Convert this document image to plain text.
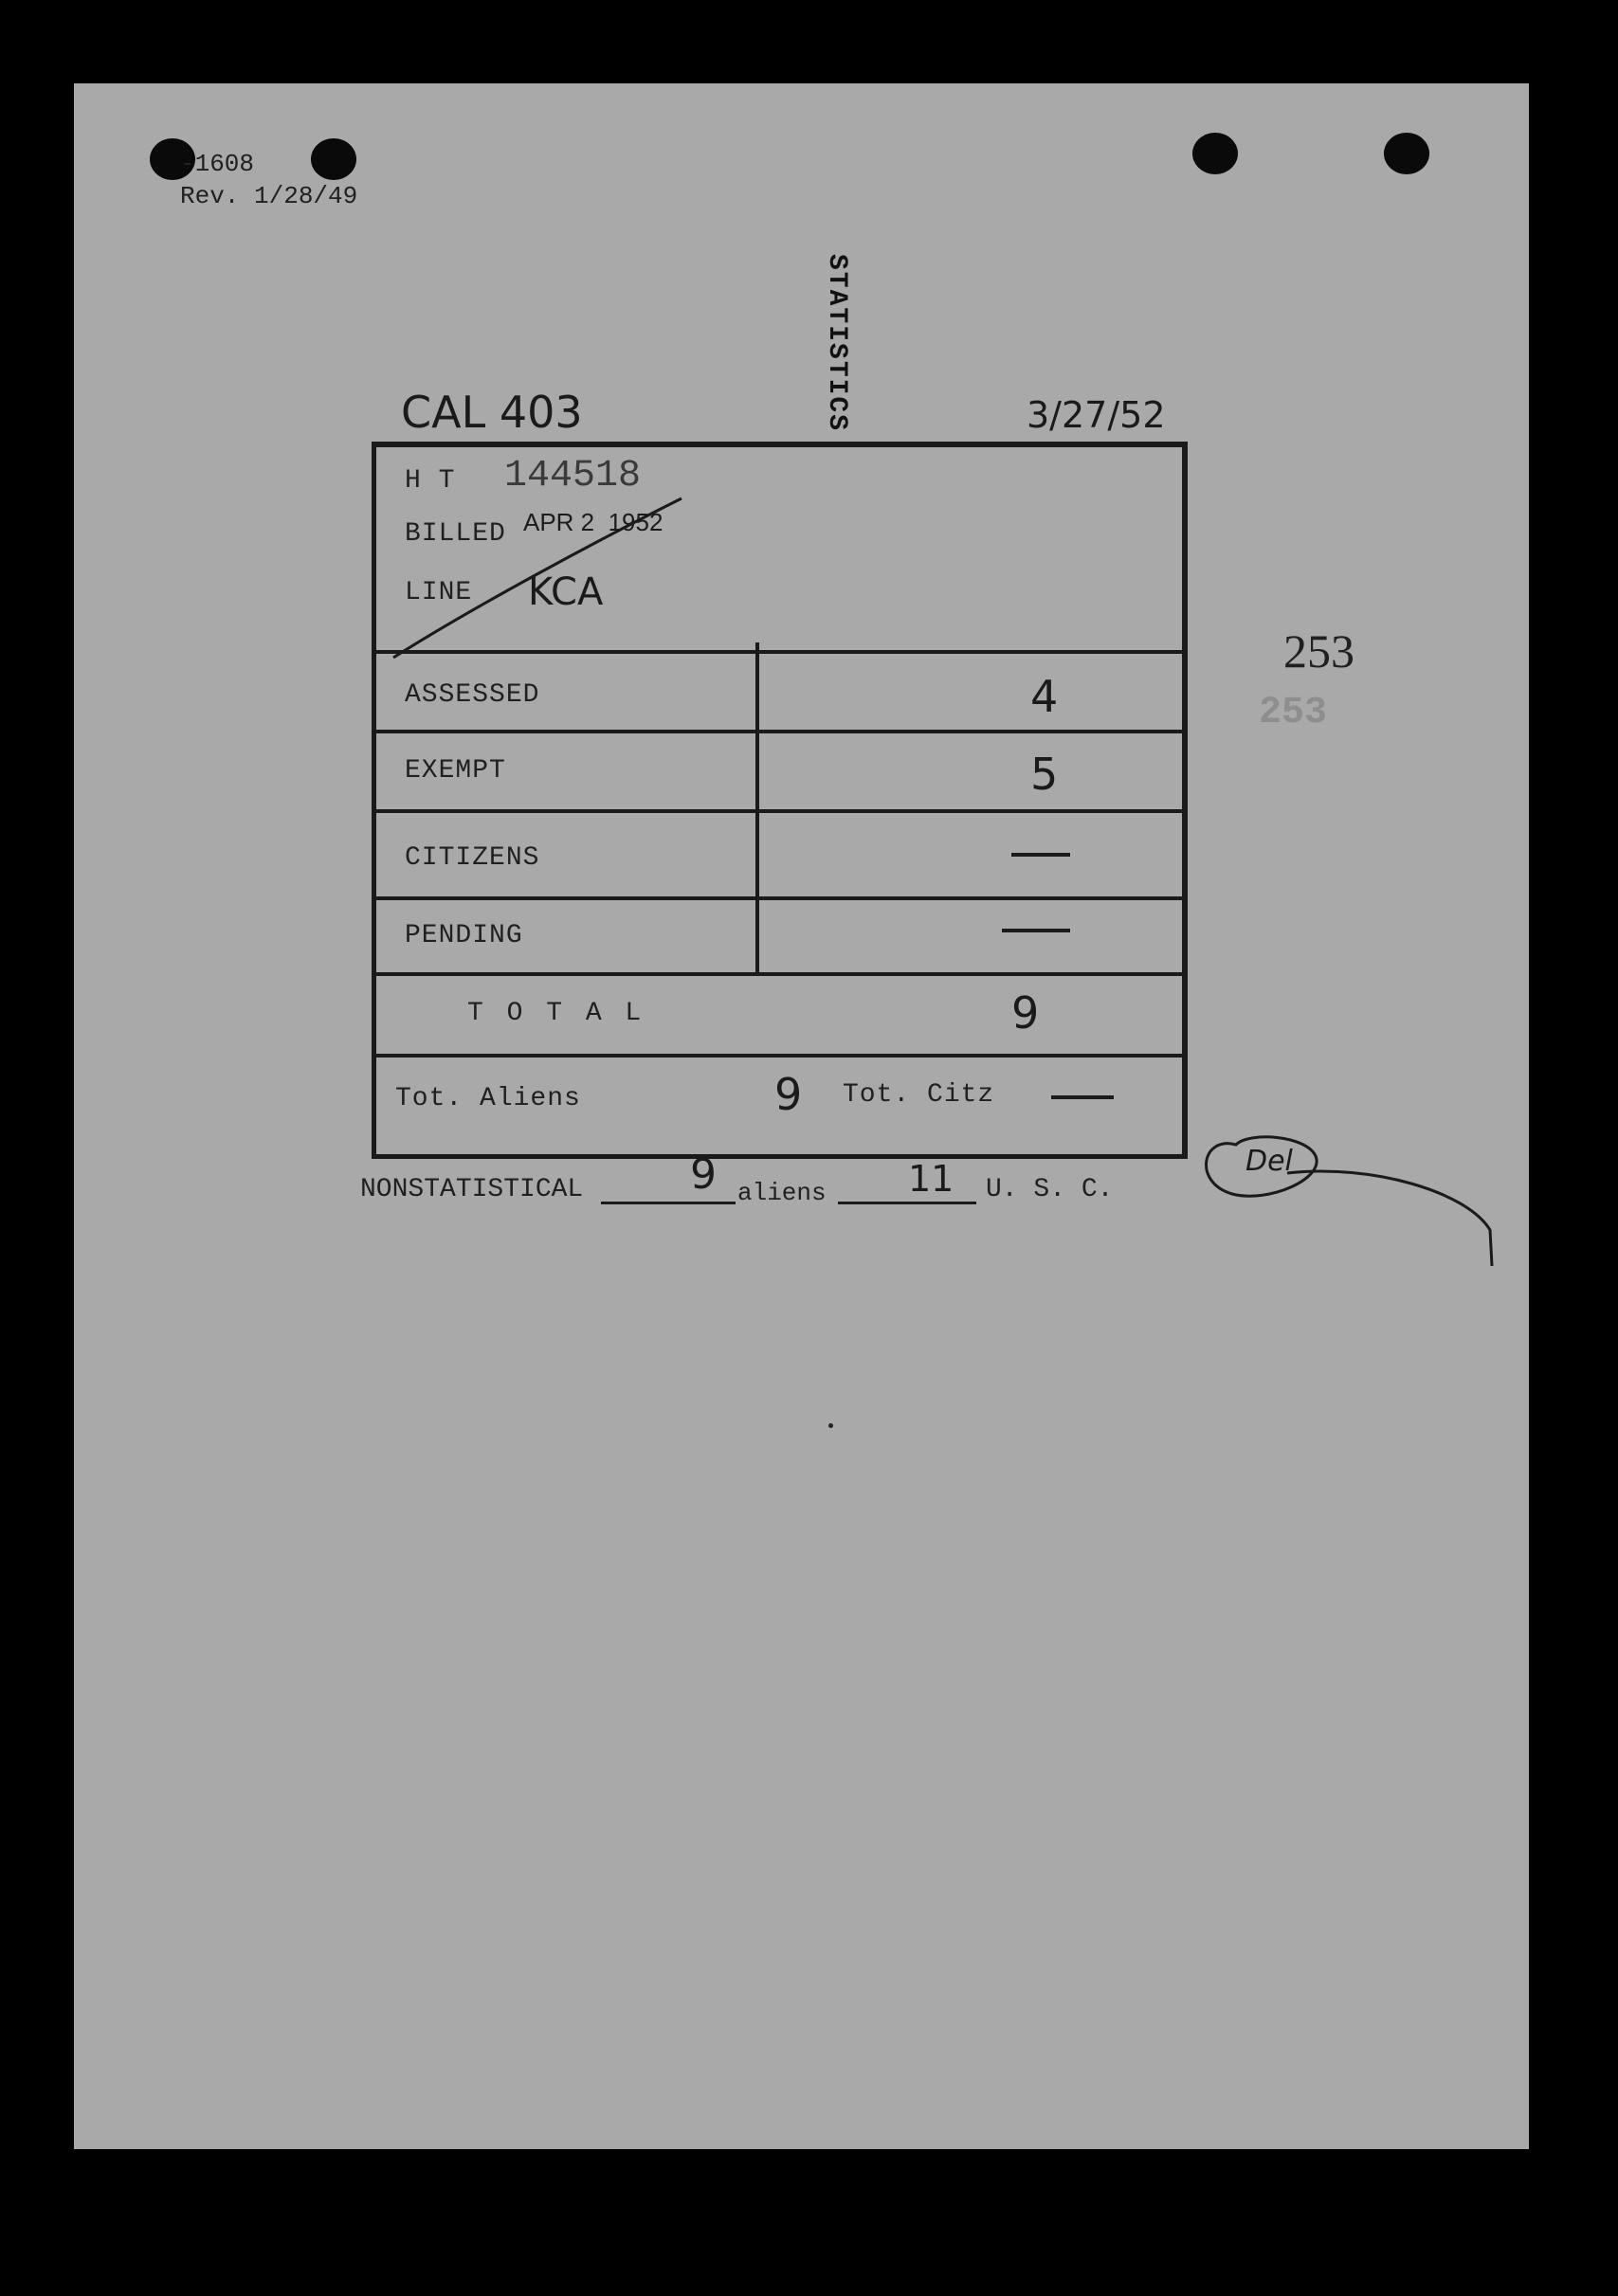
-1608
Rev. 1/28/49
STATISTICS
CAL 403	3/27/52
253
253
H T 144518
BILLED APR 2  1952
LINE KCA
ASSESSED	4
EXEMPT	5
CITIZENS
PENDING
T O T A L	9
Tot. Aliens	9 Tot. Citz
Del
NONSTATISTICAL	9 aliens 11 U. S. C.
